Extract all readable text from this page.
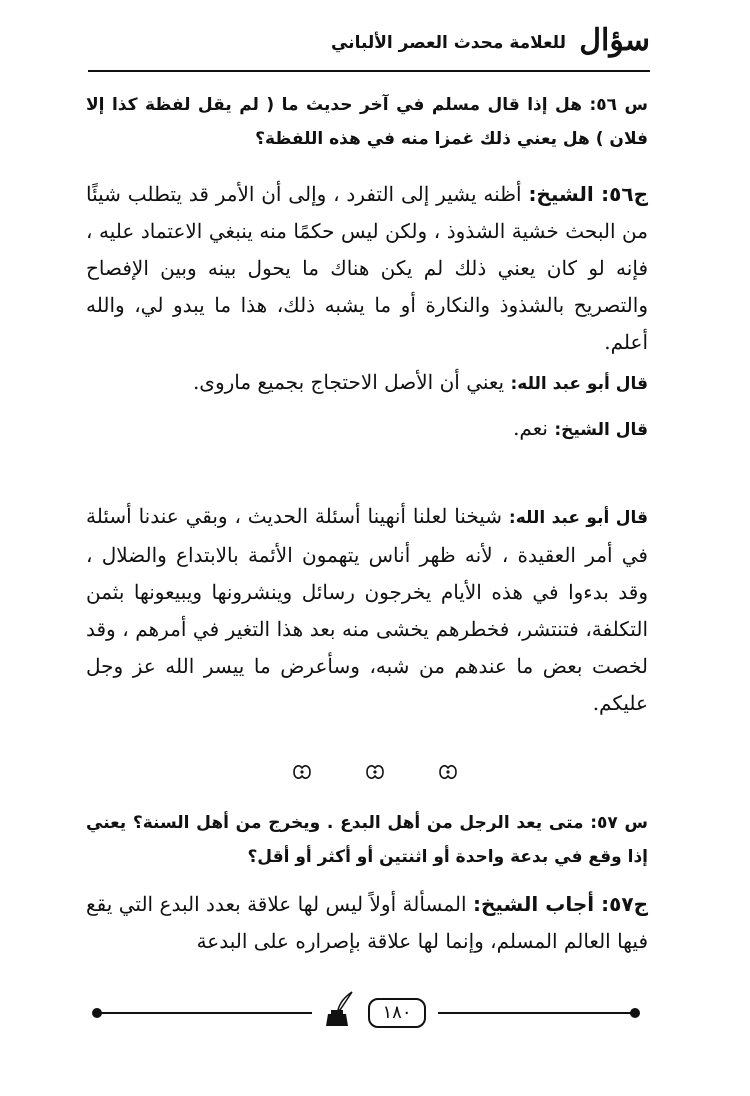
سؤال
للعلامة محدث العصر الألباني
س ٥٦: هل إذا قال مسلم في آخر حديث ما ( لم يقل لفظة كذا إلا فلان ) هل يعني ذلك غمزا منه في هذه اللفظة؟
ج٥٦: الشيخ: أظنه يشير إلى التفرد ، وإلى أن الأمر قد يتطلب شيئًا من البحث خشية الشذوذ ، ولكن ليس حكمًا منه ينبغي الاعتماد عليه ، فإنه لو كان يعني ذلك لم يكن هناك ما يحول بينه وبين الإفصاح والتصريح بالشذوذ والنكارة أو ما يشبه ذلك، هذا ما يبدو لي، والله أعلم.
قال أبو عبد الله: يعني أن الأصل الاحتجاج بجميع ماروى.
قال الشيخ: نعم.
قال أبو عبد الله: شيخنا لعلنا أنهينا أسئلة الحديث ، وبقي عندنا أسئلة في أمر العقيدة ، لأنه ظهر أناس يتهمون الأئمة بالابتداع والضلال ، وقد بدءوا في هذه الأيام يخرجون رسائل وينشرونها ويبيعونها بثمن التكلفة، فتنتشر، فخطرهم يخشى منه بعد هذا التغير في أمرهم ، وقد لخصت بعض ما عندهم من شبه، وسأعرض ما ييسر الله عز وجل عليكم.
س ٥٧: متى يعد الرجل من أهل البدع . ويخرج من أهل السنة؟ يعني إذا وقع في بدعة واحدة أو اثنتين أو أكثر أو أقل؟
ج٥٧: أجاب الشيخ: المسألة أولاً ليس لها علاقة بعدد البدع التي يقع فيها العالم المسلم، وإنما لها علاقة بإصراره على البدعة
١٨٠
